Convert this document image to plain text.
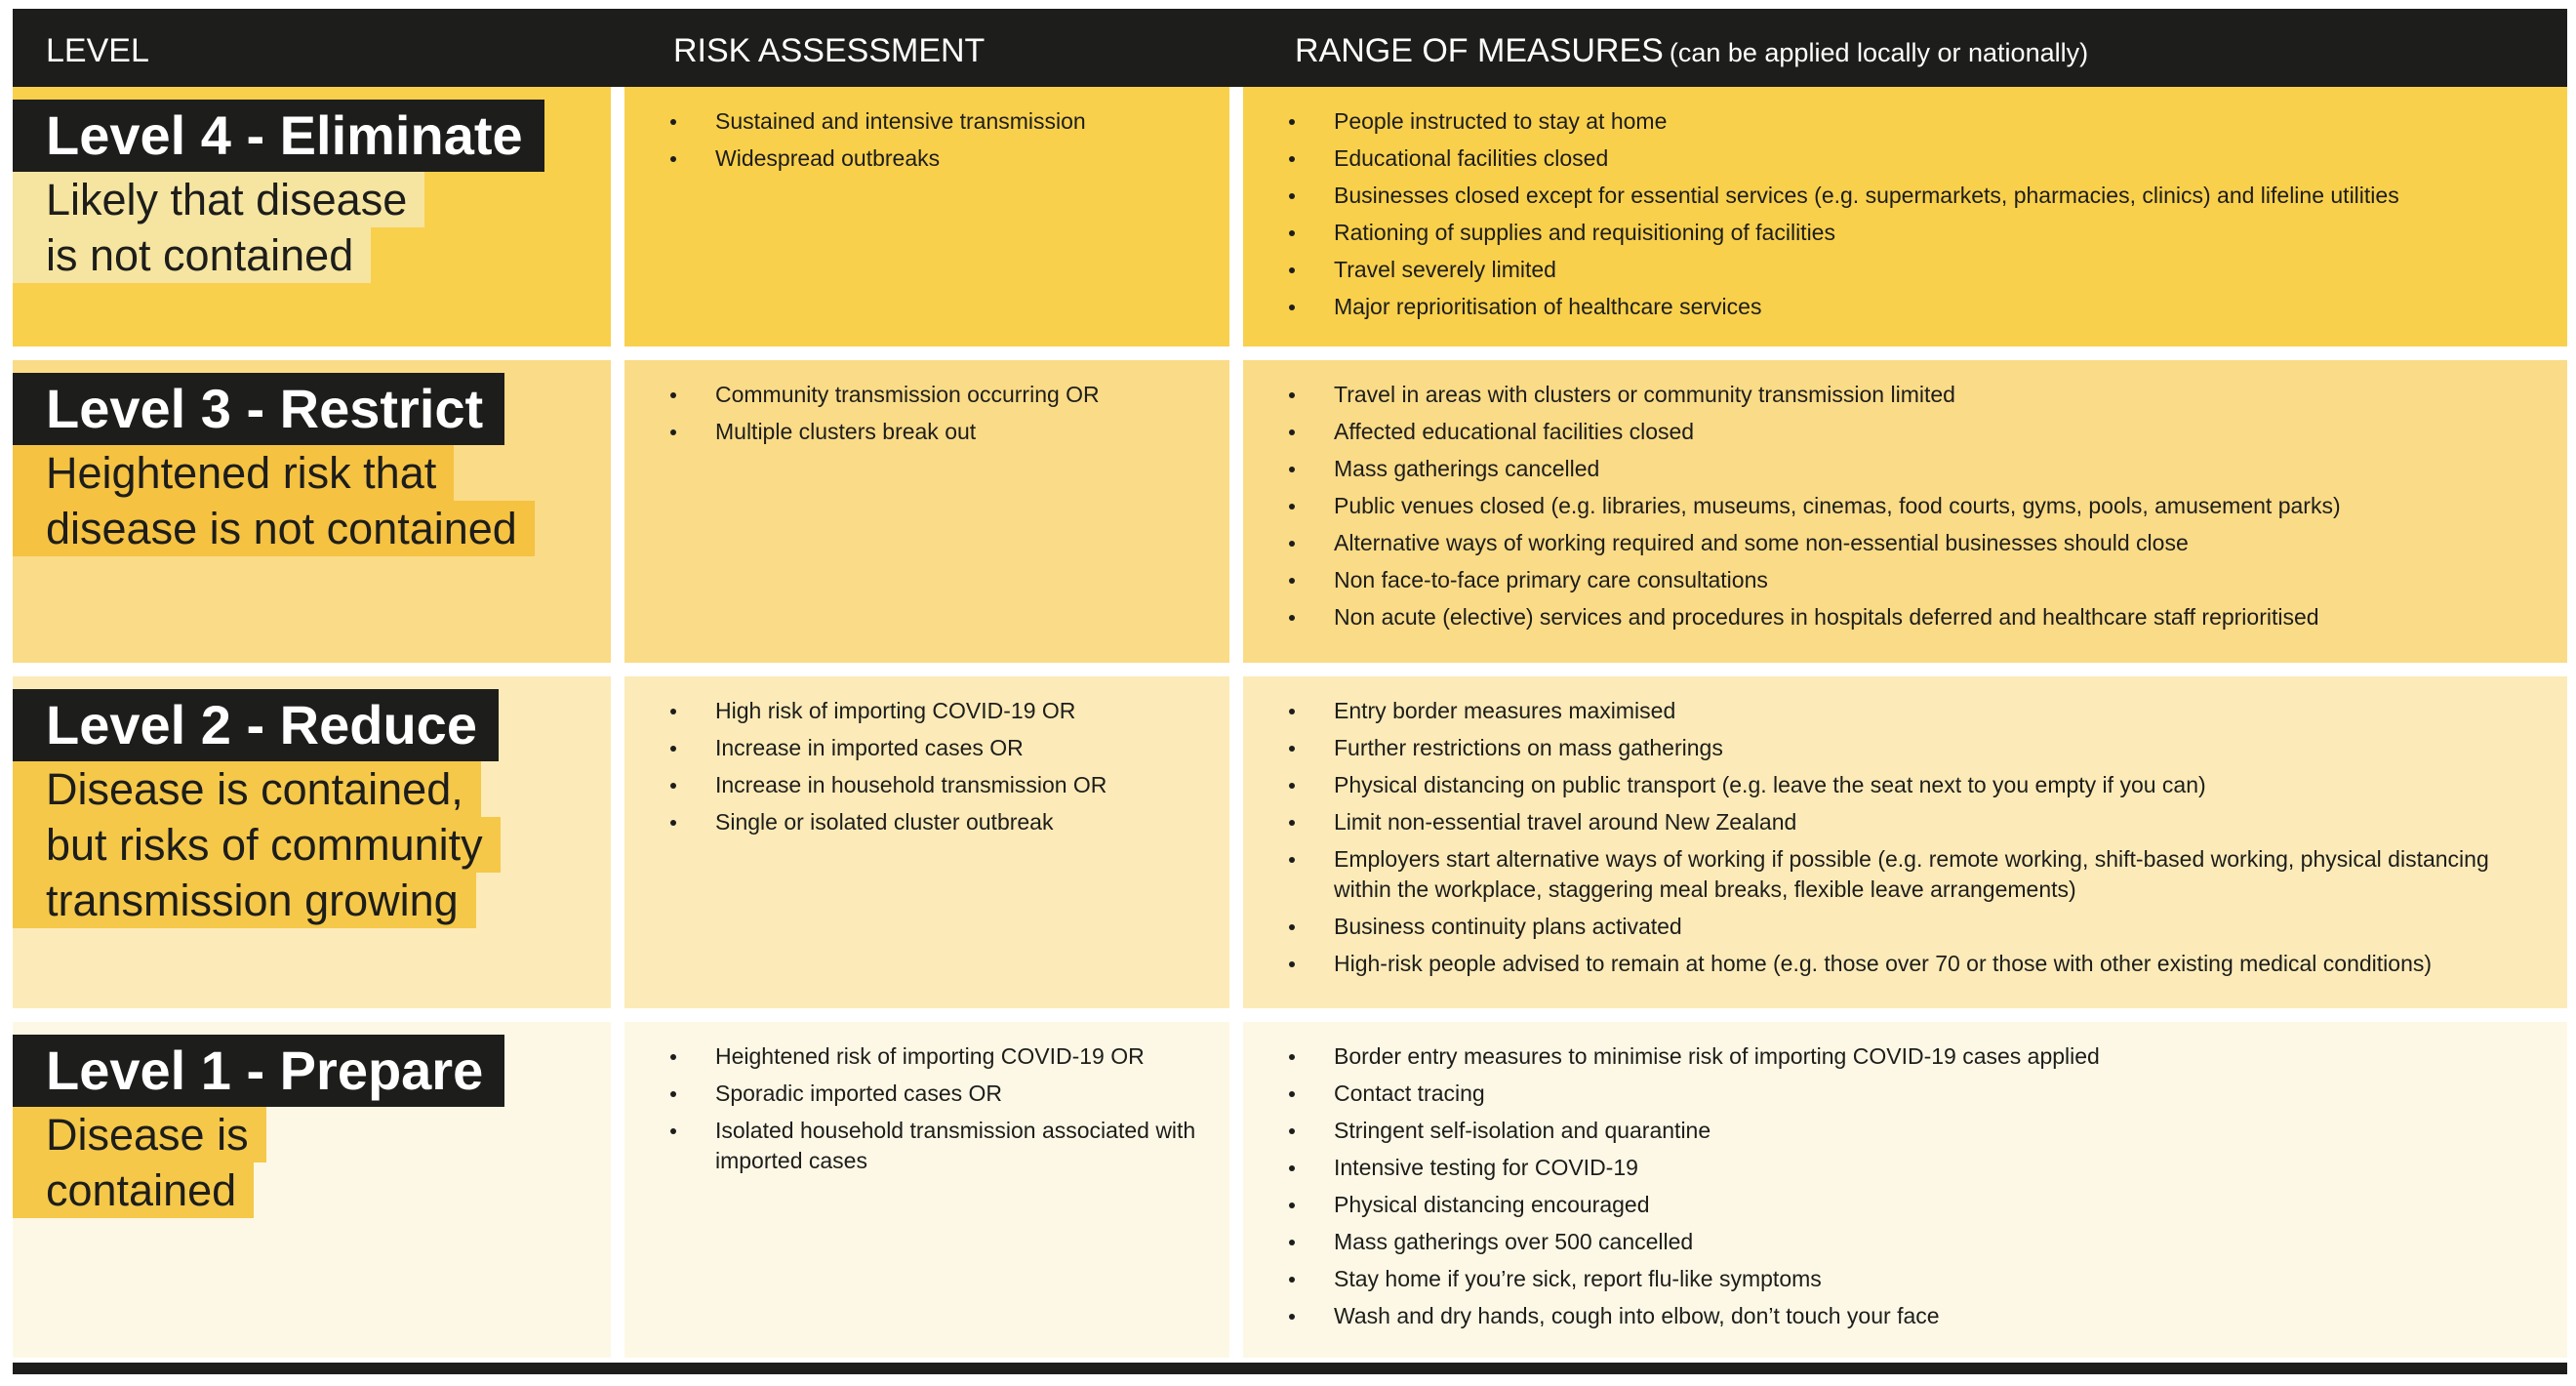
LEVEL	RISK ASSESSMENT	RANGE OF MEASURES (can be applied locally or nationally)
Level 4 - Eliminate
Likely that disease
is not contained
Sustained and intensive transmission
Widespread outbreaks
People instructed to stay at home
Educational facilities closed
Businesses closed except for essential services (e.g. supermarkets, pharmacies, clinics) and lifeline utilities
Rationing of supplies and requisitioning of facilities
Travel severely limited
Major reprioritisation of healthcare services
Level 3 - Restrict
Heightened risk that
disease is not contained
Community transmission occurring OR
Multiple clusters break out
Travel in areas with clusters or community transmission limited
Affected educational facilities closed
Mass gatherings cancelled
Public venues closed (e.g. libraries, museums, cinemas, food courts, gyms, pools, amusement parks)
Alternative ways of working required and some non-essential businesses should close
Non face-to-face primary care consultations
Non acute (elective) services and procedures in hospitals deferred and healthcare staff reprioritised
Level 2 - Reduce
Disease is contained,
but risks of community
transmission growing
High risk of importing COVID-19 OR
Increase in imported cases OR
Increase in household transmission OR
Single or isolated cluster outbreak
Entry border measures maximised
Further restrictions on mass gatherings
Physical distancing on public transport (e.g. leave the seat next to you empty if you can)
Limit non-essential travel around New Zealand
Employers start alternative ways of working if possible (e.g. remote working, shift-based working, physical distancing within the workplace, staggering meal breaks, flexible leave arrangements)
Business continuity plans activated
High-risk people advised to remain at home (e.g. those over 70 or those with other existing medical conditions)
Level 1 - Prepare
Disease is
contained
Heightened risk of importing COVID-19 OR
Sporadic imported cases OR
Isolated household transmission associated with imported cases
Border entry measures to minimise risk of importing COVID-19 cases applied
Contact tracing
Stringent self-isolation and quarantine
Intensive testing for COVID-19
Physical distancing encouraged
Mass gatherings over 500 cancelled
Stay home if you’re sick, report flu-like symptoms
Wash and dry hands, cough into elbow, don’t touch your face
